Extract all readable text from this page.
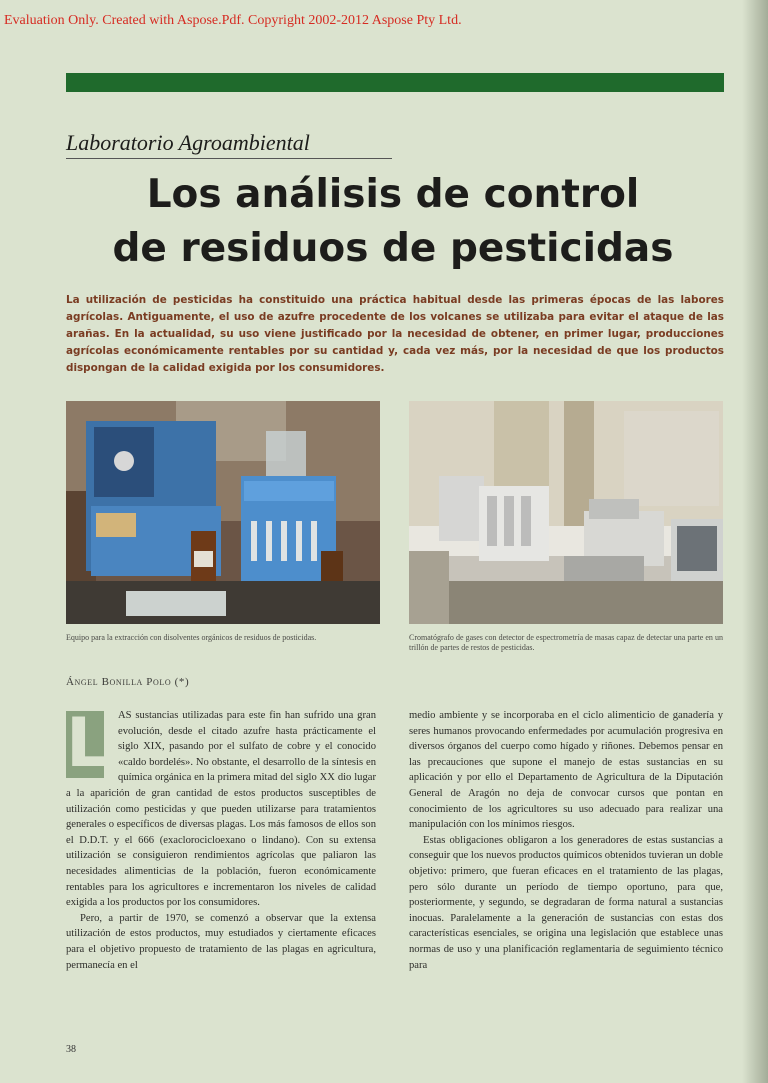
Evaluation Only. Created with Aspose.Pdf. Copyright 2002-2012 Aspose Pty Ltd.
Laboratorio Agroambiental
Los análisis de control
de residuos de pesticidas

La utilización de pesticidas ha constituido una práctica habitual desde las primeras épocas de las labores agrícolas. Antiguamente, el uso de azufre procedente de los volcanes se utilizaba para evitar el ataque de las arañas. En la actualidad, su uso viene justificado por la necesidad de obtener, en primer lugar, producciones agrícolas económicamente rentables por su cantidad y, cada vez más, por la necesidad de que los productos dispongan de la calidad exigida por los consumidores.

Equipo para la extracción con disolventes orgánicos de residuos de posticidas.	Cromatógrafo de gases con detector de espectrometría de masas capaz de detectar una parte en un trillón de partes de restos de pesticidas.

Ángel Bonilla Polo (*)
L AS sustancias utilizadas para este fin han sufrido una gran evolución, desde el citado azufre hasta prácticamente el siglo XIX, pasando por el sulfato de cobre y el conocido «caldo bordelés». No obstante, el desarrollo de la síntesis en química orgánica en la primera mitad del siglo XX dio lugar a la aparición de gran cantidad de estos productos susceptibles de utilización como pesticidas y que pueden utilizarse para tratamientos generales o específicos de diversas plagas. Los más famosos de ellos son el D.D.T. y el 666 (exaclorociclоexano o lindano). Con su extensa utilización se consiguieron rendimientos agrícolas que paliaron las necesidades alimenticias de la población, fueron económicamente rentables para los agricultores e incrementaron los niveles de calidad exigida a los productos por los consumidores.

Pero, a partir de 1970, se comenzó a observar que la extensa utilización de estos productos, muy estudiados y ciertamente eficaces para el objetivo propuesto de tratamiento de las plagas en agricultura, permanecía en el

medio ambiente y se incorporaba en el ciclo alimenticio de ganadería y seres humanos provocando enfermedades por acumulación progresiva en diversos órganos del cuerpo como hígado y riñones. Debemos pensar en las precauciones que supone el manejo de estas sustancias en su aplicación y por ello el Departamento de Agricultura de la Diputación General de Aragón no deja de convocar cursos que pontan en conocimiento de los agricultores su uso adecuado para realizar una manipulación con los mínimos riesgos.

Estas obligaciones obligaron a los generadores de estas sustancias a conseguir que los nuevos productos químicos obtenidos tuvieran un doble objetivo: primero, que fueran eficaces en el tratamiento de las plagas, pero sólo durante un período de tiempo oportuno, para que, posteriormente, y segundo, se degradaran de forma natural a sustancias inocuas. Paralelamente a la generación de sustancias con estas dos características esenciales, se origina una legislación que establece unas normas de uso y una planificación reglamentaria de seguimiento técnico para

38
